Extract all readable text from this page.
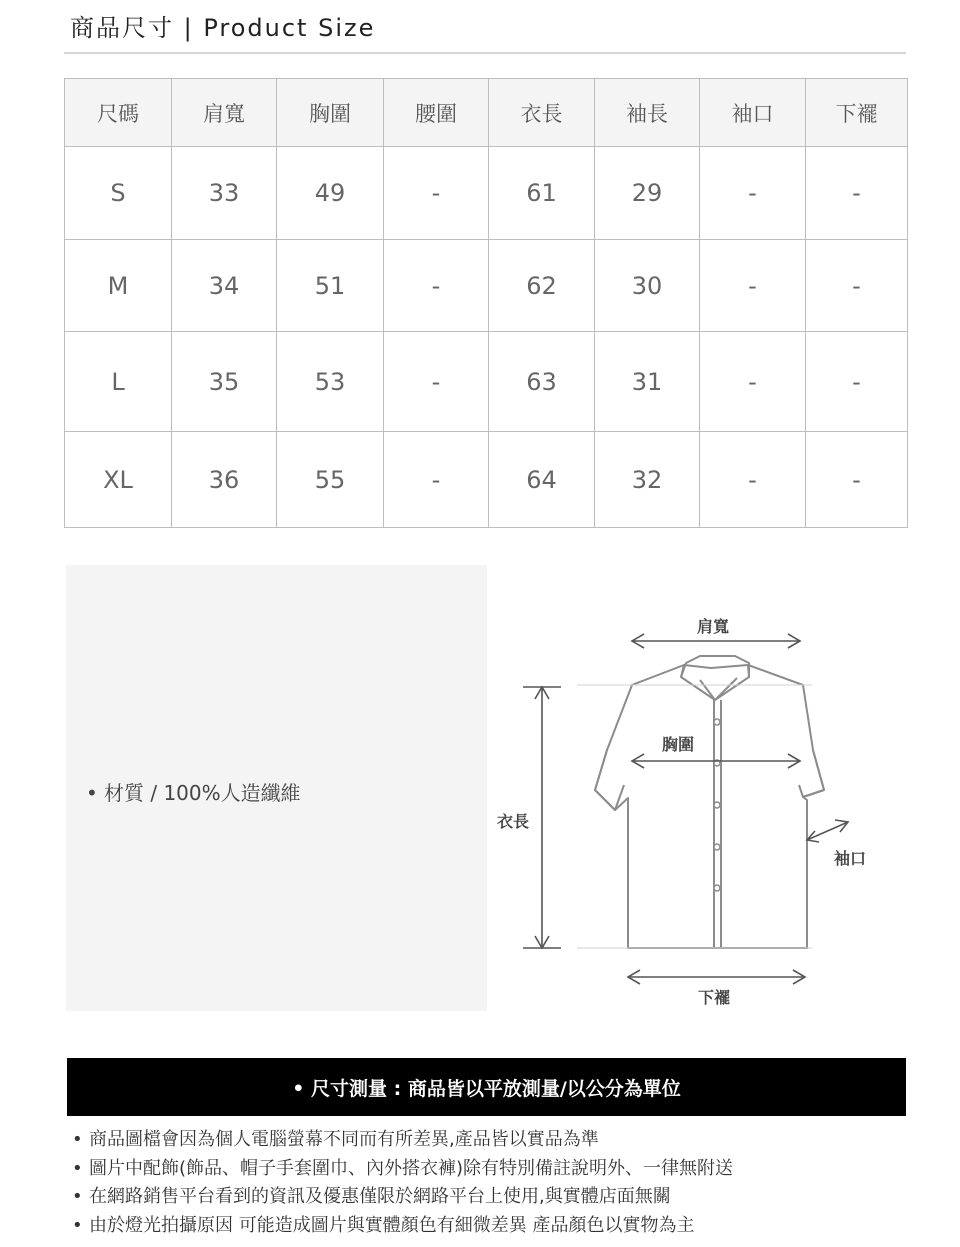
商品尺寸 | Product Size
尺碼	肩寬	胸圍	腰圍	衣長	袖長	袖口	下襬
S	33	49	-	61	29	-	-
M	34	51	-	62	30	-	-
L	35	53	-	63	31	-	-
XL	36	55	-	64	32	-	-
• 材質 / 100%人造纖維
肩寬
胸圍
衣長
袖口
下襬
• 尺寸測量 : 商品皆以平放測量/以公分為單位
• 商品圖檔會因為個人電腦螢幕不同而有所差異,產品皆以實品為準
• 圖片中配飾(飾品、帽子手套圍巾、內外搭衣褲)除有特別備註說明外、一律無附送
• 在網路銷售平台看到的資訊及優惠僅限於網路平台上使用,與實體店面無關
• 由於燈光拍攝原因 可能造成圖片與實體顏色有細微差異 產品顏色以實物為主
